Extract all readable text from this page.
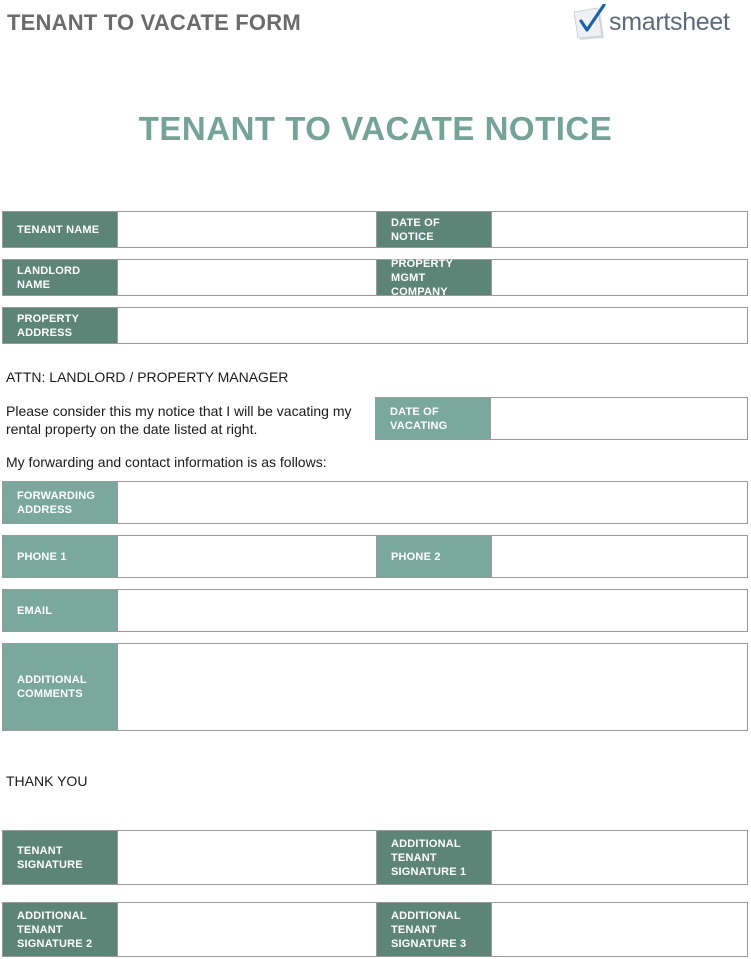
TENANT TO VACATE FORM	smartsheet
TENANT TO VACATE NOTICE
TENANT NAME
DATE OF NOTICE
LANDLORD NAME
PROPERTY MGMT
COMPANY
PROPERTY
ADDRESS
ATTN: LANDLORD / PROPERTY MANAGER
Please consider this my notice that I will be vacating my
rental property on the date listed at right.
DATE OF
VACATING
My forwarding and contact information is as follows:
FORWARDING
ADDRESS
PHONE 1	PHONE 2
EMAIL
ADDITIONAL
COMMENTS
THANK YOU
TENANT
SIGNATURE
ADDITIONAL
TENANT
SIGNATURE 1
ADDITIONAL
TENANT
SIGNATURE 2
ADDITIONAL
TENANT
SIGNATURE 3
